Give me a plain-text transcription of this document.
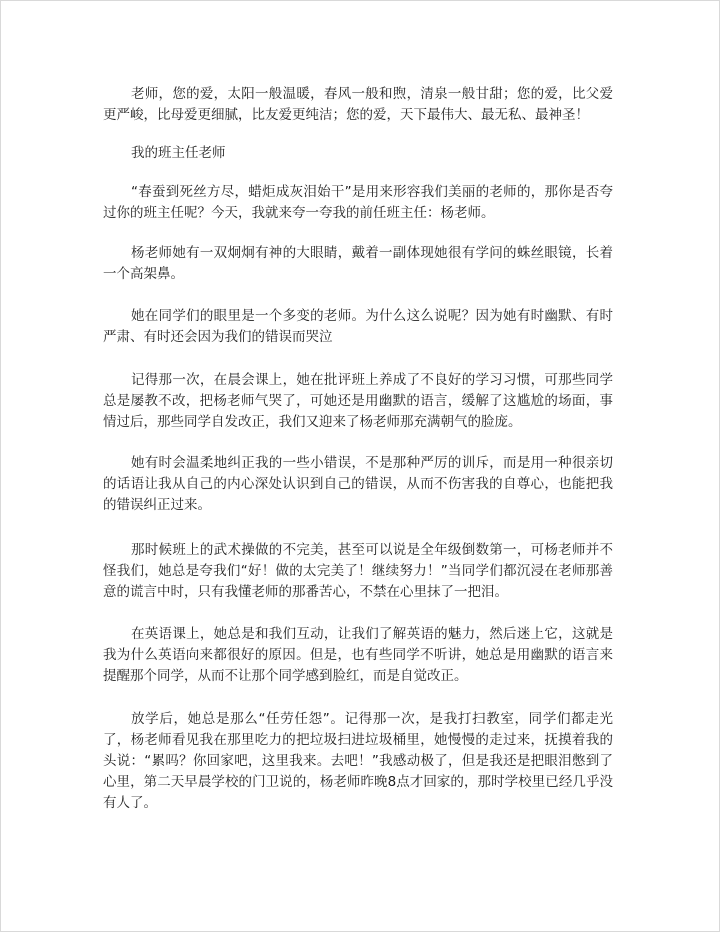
老师，您的爱，太阳一般温暖，春风一般和煦，清泉一般甘甜；您的爱，比父爱更严峻，比母爱更细腻，比友爱更纯洁；您的爱，天下最伟大、最无私、最神圣！

我的班主任老师

“春蚕到死丝方尽，蜡炬成灰泪始干”是用来形容我们美丽的老师的，那你是否夸过你的班主任呢？今天，我就来夸一夸我的前任班主任：杨老师。

杨老师她有一双炯炯有神的大眼睛，戴着一副体现她很有学问的蛛丝眼镜，长着一个高架鼻。

她在同学们的眼里是一个多变的老师。为什么这么说呢？因为她有时幽默、有时严肃、有时还会因为我们的错误而哭泣

记得那一次，在晨会课上，她在批评班上养成了不良好的学习习惯，可那些同学总是屡教不改，把杨老师气哭了，可她还是用幽默的语言，缓解了这尴尬的场面，事情过后，那些同学自发改正，我们又迎来了杨老师那充满朝气的脸庞。

她有时会温柔地纠正我的一些小错误，不是那种严厉的训斥，而是用一种很亲切的话语让我从自己的内心深处认识到自己的错误，从而不伤害我的自尊心，也能把我的错误纠正过来。

那时候班上的武术操做的不完美，甚至可以说是全年级倒数第一，可杨老师并不怪我们，她总是夸我们“好！做的太完美了！继续努力！”当同学们都沉浸在老师那善意的谎言中时，只有我懂老师的那番苦心，不禁在心里抹了一把泪。

在英语课上，她总是和我们互动，让我们了解英语的魅力，然后迷上它，这就是我为什么英语向来都很好的原因。但是，也有些同学不听讲，她总是用幽默的语言来提醒那个同学，从而不让那个同学感到脸红，而是自觉改正。

放学后，她总是那么“任劳任怨”。记得那一次，是我打扫教室，同学们都走光了，杨老师看见我在那里吃力的把垃圾扫进垃圾桶里，她慢慢的走过来，抚摸着我的头说：“累吗？你回家吧，这里我来。去吧！”我感动极了，但是我还是把眼泪憋到了心里，第二天早晨学校的门卫说的，杨老师昨晚8点才回家的，那时学校里已经几乎没有人了。
